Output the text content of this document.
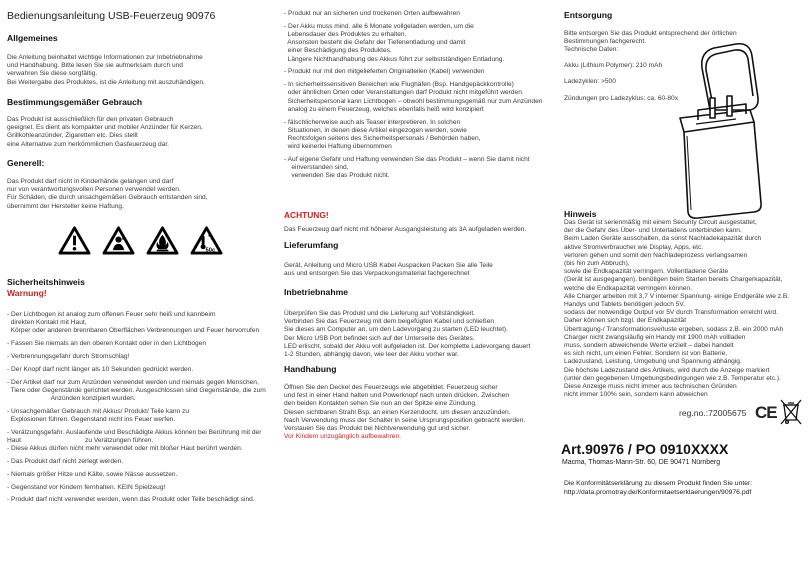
Bedienungsanleitung USB-Feuerzeug 90976
Allgemeines
Die Anleitung beinhaltet wichtige Informationen zur Inbetriebnahme
und Handhabung. Bitte lesen Sie sie aufmerksam durch und
verwahren Sie diese sorgfältig.
Bei Weitergabe des Produktes, ist die Anleitung mit auszuhändigen.
Bestimmungsgemäßer Gebrauch
Das Produkt ist ausschließlich für den privaten Gebrauch
geeignet. Es dient als kompakter und mobiler Anzünder für Kerzen,
Grillkohleanzünder, Zigaretten etc. Dies stellt
eine Alternative zum herkömmlichen Gasfeuerzeug dar.
Generell:
Das Produkt darf nicht in Kinderhände gelangen und darf
nur von verantwortungsvollen Personen verwendet werden.
Für Schäden, die durch unsachgemäßen Gebrauch entstanden sind,
übernimmt der Hersteller keine Haftung.
50c
Sicherheitshinweis
Warnung!
- Der Lichtbogen ist analog zum offenen Feuer sehr heiß und kannbeim
direkten Kontakt mit Haut,
Körper oder anderen brennbaren Oberflächen Verbrennungen und Feuer hervorrufen
- Fassen Sie niemals an den oberen Kontakt oder in den Lichtbogen
- Verbrennungsgefahr durch Stromschlag!
- Der Knopf darf nicht länger als 10 Sekunden gedrückt werden.
- Der Artikel darf nur zum Anzünden verwendet werden und niemals gegen Menschen,
Tiere oder Gegenstände gerichtet werden. Ausgeschlossen sind Gegenstände, die zum
Anzünden konzipiert wurden.
- Unsachgemäßer Gebrauch mit Akkus/ Produkt/ Teile kann zu
Explosionen führen. Gegenstand nicht ins Feuer werfen.
- Verätzungsgefahr. Auslaufende und Beschädigte Akkus können bei Berührung mit der
Haut                                   zu Verätzungen führen.
- Diese Akkus dürfen nicht mehr verwendet oder mit bloßer Haut berührt werden.
- Das Produkt darf nicht zerlegt werden.
- Niemals größer Hitze und Kälte, sowie Nässe aussetzen.
- Gegenstand vor Kindern fernhalten. KEIN Spielzeug!
- Produkt darf nicht verwendet werden, wenn das Produkt oder Teile beschädigt sind.
- Produkt nur an sicheren und trockenen Orten aufbewahren
- Der Akku muss mind. alle 6 Monate vollgeladen werden, um die
Lebensdauer des Produktes zu erhalten.
Ansonsten besteht die Gefahr der Tiefenentladung und damit
einer Beschädigung des Produktes.
Längere Nichthandhabung des Akkus führt zur selbstständigen Entladung.
- Produkt nur mit den mitgelieferten Originalteilen (Kabel) verwenden
- In sicherheitssensitiven Bereichen wie Flughäfen (Bsp. Handgepäckkontrolle)
oder ähnlichen Orten oder Veranstaltungen darf Produkt nicht mitgeführt werden.
Sicherheitspersonal kann Lichtbogen – obwohl bestimmungsgemäß nur zum Anzünden
analog zu einem Feuerzeug, welches ebenfalls heiß wird konzipiert
- fälschlicherweise auch als Teaser interpretieren. In solchen
Situationen, in denen diese Artikel eingezogen werden, sowie
Rechtsfolgen seitens des Sicherheitspersonals / Behörden haben,
wird keinerlei Haftung übernommen
- Auf eigene Gefahr und Haftung verwenden Sie das Produkt – wenn Sie damit nicht
einverstanden sind,
verwenden Sie das Produkt nicht.
ACHTUNG!
Das Feuerzeug darf nicht mit höherer Ausgangsleistung als 3A aufgeladen werden.
Lieferumfang
Gerät, Anleitung und Micro USB Kabel Auspacken Packen Sie alle Teile
aus und entsorgen Sie das Verpackungsmaterial fachgerechnet
Inbetriebnahme
Überprüfen Sie das Produkt und die Lieferung auf Vollständigkeit.
Verbinden Sie das Feuerzeug mit dem beigefügten Kabel und schließen
Sie dieses am Computer an, um den Ladevorgang zu starten (LED leuchtet).
Der Micro USB Port befindet sich auf der Unterseite des Gerätes.
LED erlischt, sobald der Akku voll aufgeladen ist. Der komplette Ladevorgang dauert
1-2 Stunden, abhängig davon, wie leer der Akku vorher war.
Handhabung
Öffnen Sie den Deckel des Feuerzeugs wie abgebildet. Feuerzeug sicher
und fest in einer Hand halten und Powerknopf nach unten drücken. Zwischen
den beiden Kontakten sehen Sie nun an der Spitze eine Zündung.
Diesen sichtbaren Strahl Bsp. an einen Kerzendocht, um diesen anzuzünden.
Nach Verwendung muss der Schalter in seine Ursprungsposition gebracht werden.
Verstauen Sie das Produkt bei Nichtverwendung gut und sicher.
Vor Kindern unzugänglich aufbewahren.
Entsorgung
Bitte entsorgen Sie das Produkt entsprechend der örtlichen
Bestimmungen fachgerecht.
Technische Daten:
Akku (Lithium Polymer): 210 mAh
Ladezyklen: >500
Zündungen pro Ladezyklus: ca. 60-80x
Hinweis
Das Gerät ist serienmäßig mit einem Security Circuit ausgestattet,
der die Gefahr des Über- und Unterladens unterbinden kann.
Beim Laden Geräte ausschalten, da sonst Nachladekapazität durch
aktive Stromverbraucher wie Display, Apps, etc.
verloren gehen und somit den Nachladeprozess verlangsamen
(bis hin zum Abbruch),
sowie die Endkapazität verringern. Vollentladene Geräte
(Gerät ist ausgegangen), benötigen beim Starten bereits Chargerkapazität,
welche die Endkapazität verringern können.
Alle Charger arbeiten mit 3,7 V interner Spannung- einige Endgeräte wie z.B.
Handys und Tablets benötigen jedoch 5V,
sodass der notwendige Output vor 5V durch Transformation erreicht wird.
Daher können sich bzgl. der Endkapazität
Übertragung-/ Transformationsverluste ergeben, sodass z.B. ein 2000 mAh
Charger nicht zwangsläufig ein Handy mit 1900 mAh vollladen
muss, sondern abweichende Werte erzielt – dabei handelt
es sich nicht, um einen Fehler. Sondern ist von Batterie,
Ladezustand, Leistung, Umgebung und Spannung abhängig.
Die höchste Ladezustand des Artikels, wird durch die Anzeige markiert
(unter den gegebenen Umgebungsbedingungen wie z.B. Temperatur etc.).
Diese Anzeige muss nicht immer aus technischen Gründen
nicht immer 100% sein, sondern kann abweichen
reg.no.:72005675 CE
Art.90976 / PO 0910XXXX
Macma, Thomas-Mann-Str. 60, DE 90471 Nürnberg
Die Konformitätserklärung zu diesem Produkt finden Sie unter:
http://data.promotray.de/Konformitaetserklaerungen/90976.pdf
